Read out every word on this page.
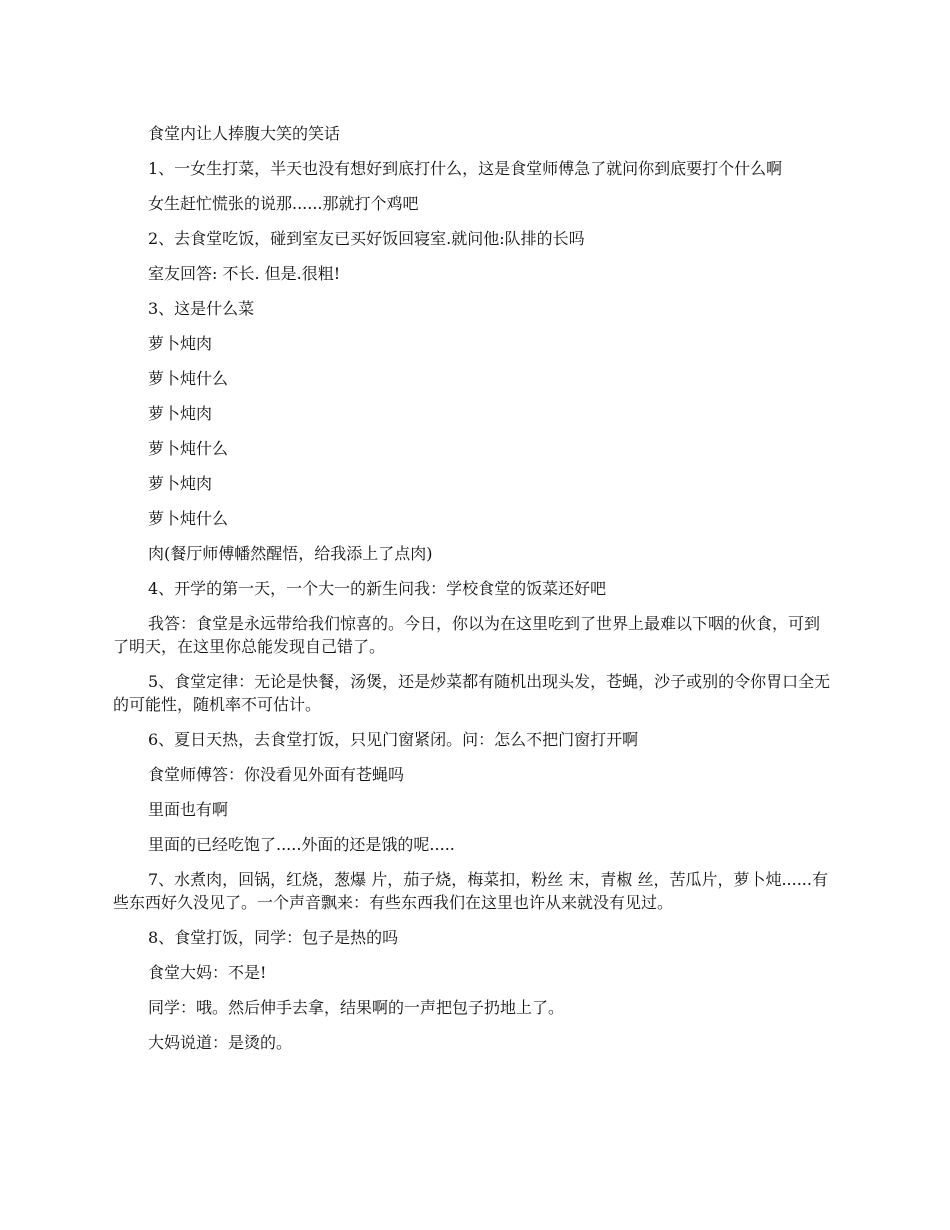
食堂内让人捧腹大笑的笑话

1、一女生打菜，半天也没有想好到底打什么，这是食堂师傅急了就问你到底要打个什么啊

女生赶忙慌张的说那......那就打个鸡吧

2、去食堂吃饭，碰到室友已买好饭回寝室.就问他:队排的长吗

室友回答: 不长. 但是.很粗!

3、这是什么菜

萝卜炖肉

萝卜炖什么

萝卜炖肉

萝卜炖什么

萝卜炖肉

萝卜炖什么

肉(餐厅师傅幡然醒悟，给我添上了点肉)

4、开学的第一天，一个大一的新生问我：学校食堂的饭菜还好吧

我答：食堂是永远带给我们惊喜的。今日，你以为在这里吃到了世界上最难以下咽的伙食，可到了明天，在这里你总能发现自己错了。

5、食堂定律：无论是快餐，汤煲，还是炒菜都有随机出现头发，苍蝇，沙子或别的令你胃口全无的可能性，随机率不可估计。

6、夏日天热，去食堂打饭，只见门窗紧闭。问：怎么不把门窗打开啊

食堂师傅答：你没看见外面有苍蝇吗

里面也有啊

里面的已经吃饱了.....外面的还是饿的呢.....

7、水煮肉，回锅，红烧，葱爆 片，茄子烧，梅菜扣，粉丝 末，青椒 丝，苦瓜片，萝卜炖......有些东西好久没见了。一个声音飘来：有些东西我们在这里也许从来就没有见过。

8、食堂打饭，同学：包子是热的吗

食堂大妈：不是!

同学：哦。然后伸手去拿，结果啊的一声把包子扔地上了。

大妈说道：是烫的。
